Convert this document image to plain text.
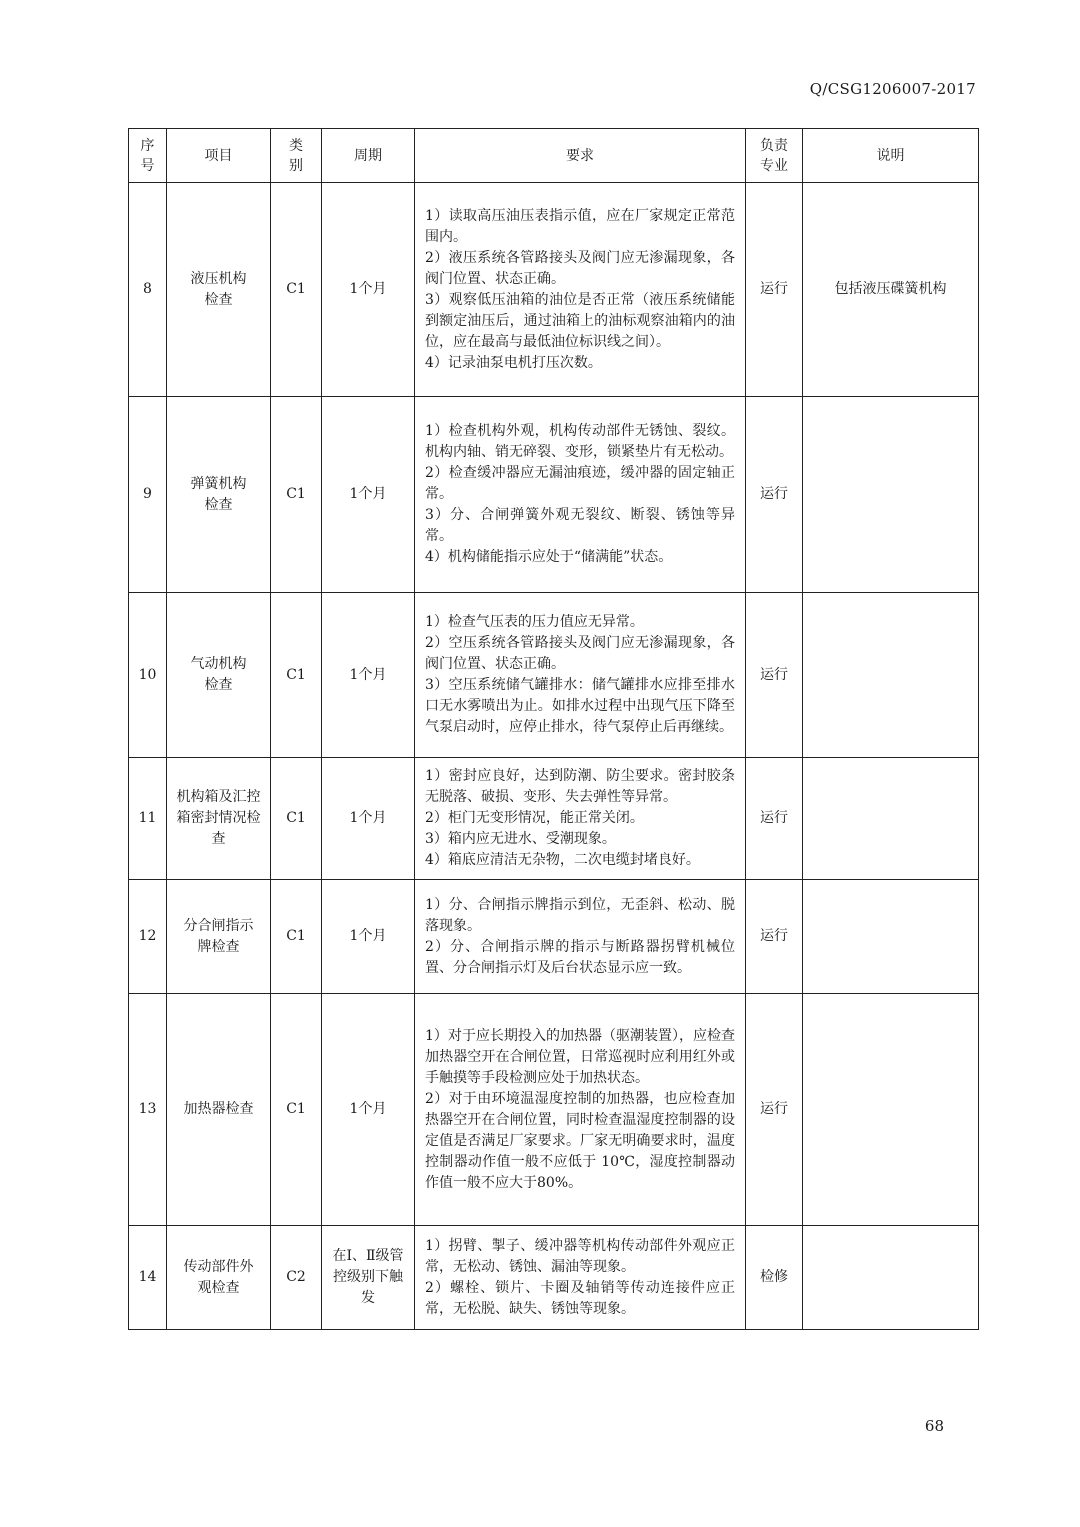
Q/CSG1206007-2017
序号	项目	类别	周期	要求	负责专业	说明
8	液压机构检查	C1	1个月	1）读取高压油压表指示值，应在厂家规定正常范围内。
2）液压系统各管路接头及阀门应无渗漏现象，各阀门位置、状态正确。
3）观察低压油箱的油位是否正常（液压系统储能到额定油压后，通过油箱上的油标观察油箱内的油位，应在最高与最低油位标识线之间）。
4）记录油泵电机打压次数。	运行	包括液压碟簧机构
9	弹簧机构检查	C1	1个月	1）检查机构外观，机构传动部件无锈蚀、裂纹。机构内轴、销无碎裂、变形，锁紧垫片有无松动。
2）检查缓冲器应无漏油痕迹，缓冲器的固定轴正常。
3）分、合闸弹簧外观无裂纹、断裂、锈蚀等异常。
4）机构储能指示应处于“储满能”状态。	运行	
10	气动机构检查	C1	1个月	1）检查气压表的压力值应无异常。
2）空压系统各管路接头及阀门应无渗漏现象，各阀门位置、状态正确。
3）空压系统储气罐排水：储气罐排水应排至排水口无水雾喷出为止。如排水过程中出现气压下降至气泵启动时，应停止排水，待气泵停止后再继续。	运行	
11	机构箱及汇控箱密封情况检查	C1	1个月	1）密封应良好，达到防潮、防尘要求。密封胶条无脱落、破损、变形、失去弹性等异常。
2）柜门无变形情况，能正常关闭。
3）箱内应无进水、受潮现象。
4）箱底应清洁无杂物，二次电缆封堵良好。	运行	
12	分合闸指示牌检查	C1	1个月	1）分、合闸指示牌指示到位，无歪斜、松动、脱落现象。
2）分、合闸指示牌的指示与断路器拐臂机械位置、分合闸指示灯及后台状态显示应一致。	运行	
13	加热器检查	C1	1个月	1）对于应长期投入的加热器（驱潮装置），应检查加热器空开在合闸位置，日常巡视时应利用红外或手触摸等手段检测应处于加热状态。
2）对于由环境温湿度控制的加热器，也应检查加热器空开在合闸位置，同时检查温湿度控制器的设定值是否满足厂家要求。厂家无明确要求时，温度控制器动作值一般不应低于 10℃，湿度控制器动作值一般不应大于80%。	运行	
14	传动部件外观检查	C2	在Ⅰ、Ⅱ级管控级别下触发	1）拐臂、掣子、缓冲器等机构传动部件外观应正常，无松动、锈蚀、漏油等现象。
2）螺栓、锁片、卡圈及轴销等传动连接件应正常，无松脱、缺失、锈蚀等现象。	检修	
68
